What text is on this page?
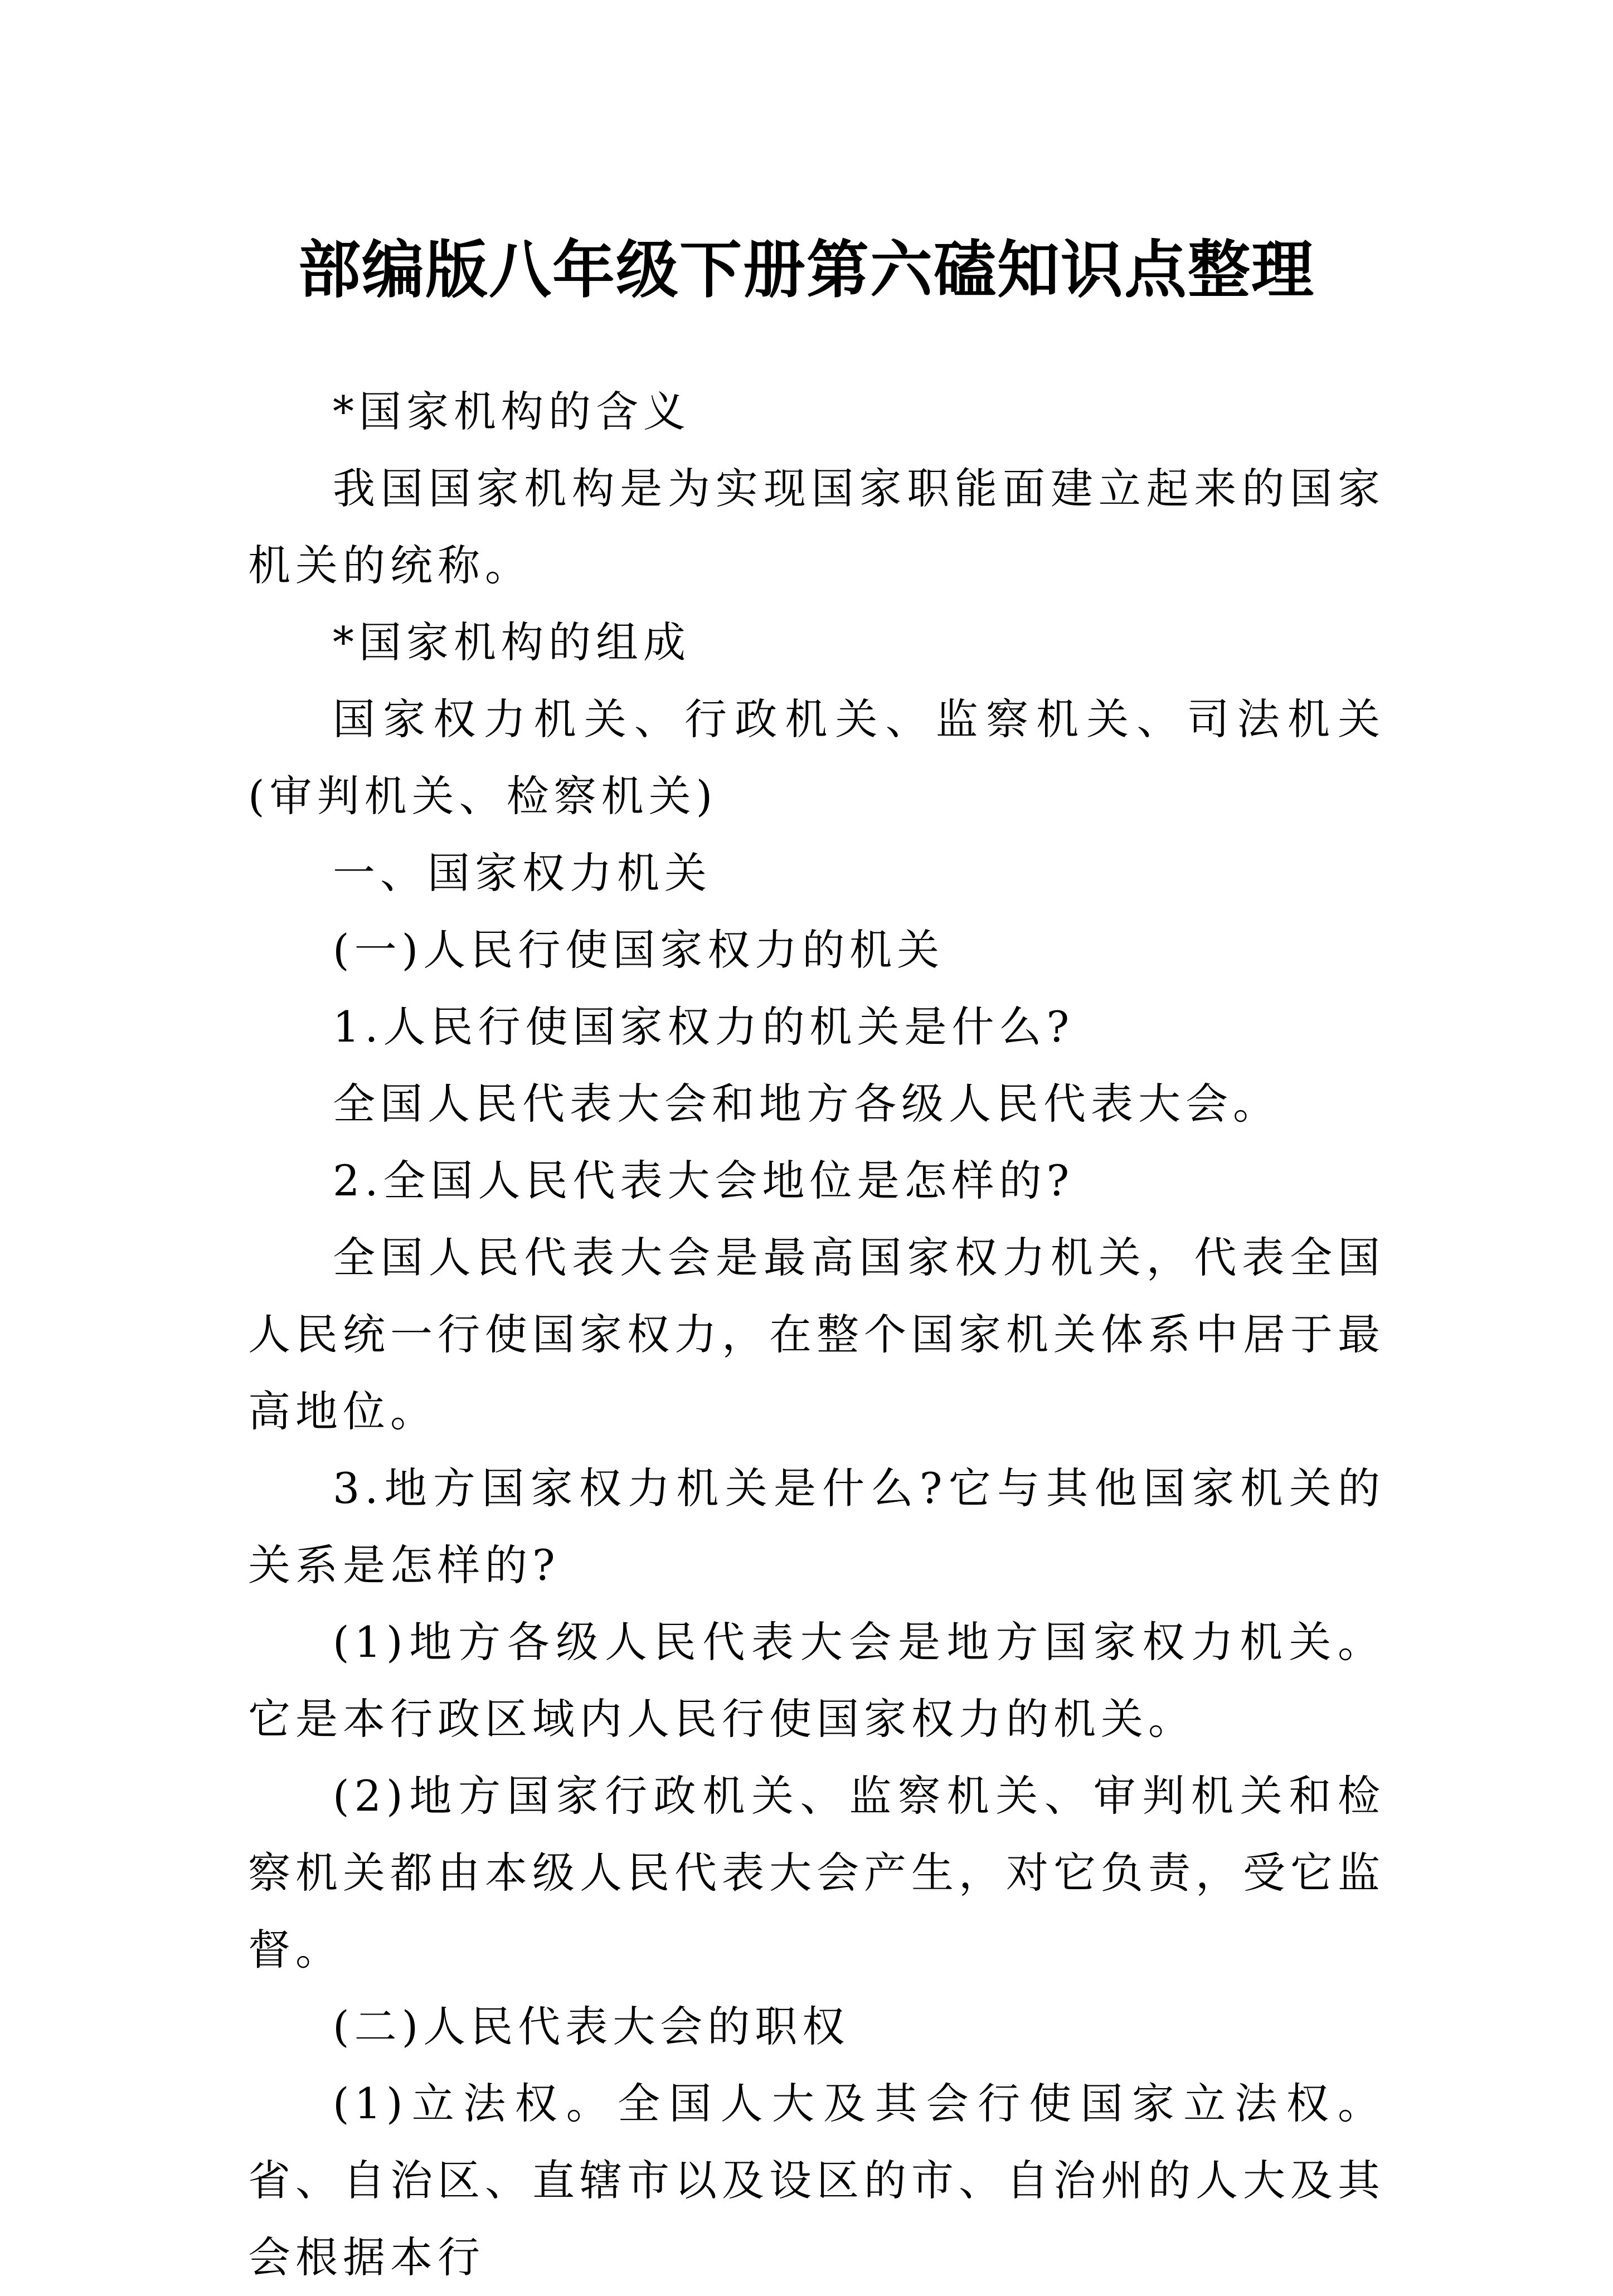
部编版八年级下册第六磕知识点整理

*国家机构的含义

我国国家机构是为实现国家职能面建立起来的国家机关的统称。

*国家机构的组成

国家权力机关、行政机关、监察机关、司法机关(审判机关、检察机关)

一、国家权力机关

(一)人民行使国家权力的机关

1.人民行使国家权力的机关是什么?

全国人民代表大会和地方各级人民代表大会。

2.全国人民代表大会地位是怎样的?

全国人民代表大会是最高国家权力机关，代表全国人民统一行使国家权力，在整个国家机关体系中居于最高地位。

3.地方国家权力机关是什么?它与其他国家机关的关系是怎样的?

(1)地方各级人民代表大会是地方国家权力机关。它是本行政区域内人民行使国家权力的机关。

(2)地方国家行政机关、监察机关、审判机关和检察机关都由本级人民代表大会产生，对它负责，受它监督。

(二)人民代表大会的职权

(1)立法权。全国人大及其会行使国家立法权。省、自治区、直辖市以及设区的市、自治州的人大及其会根据本行
